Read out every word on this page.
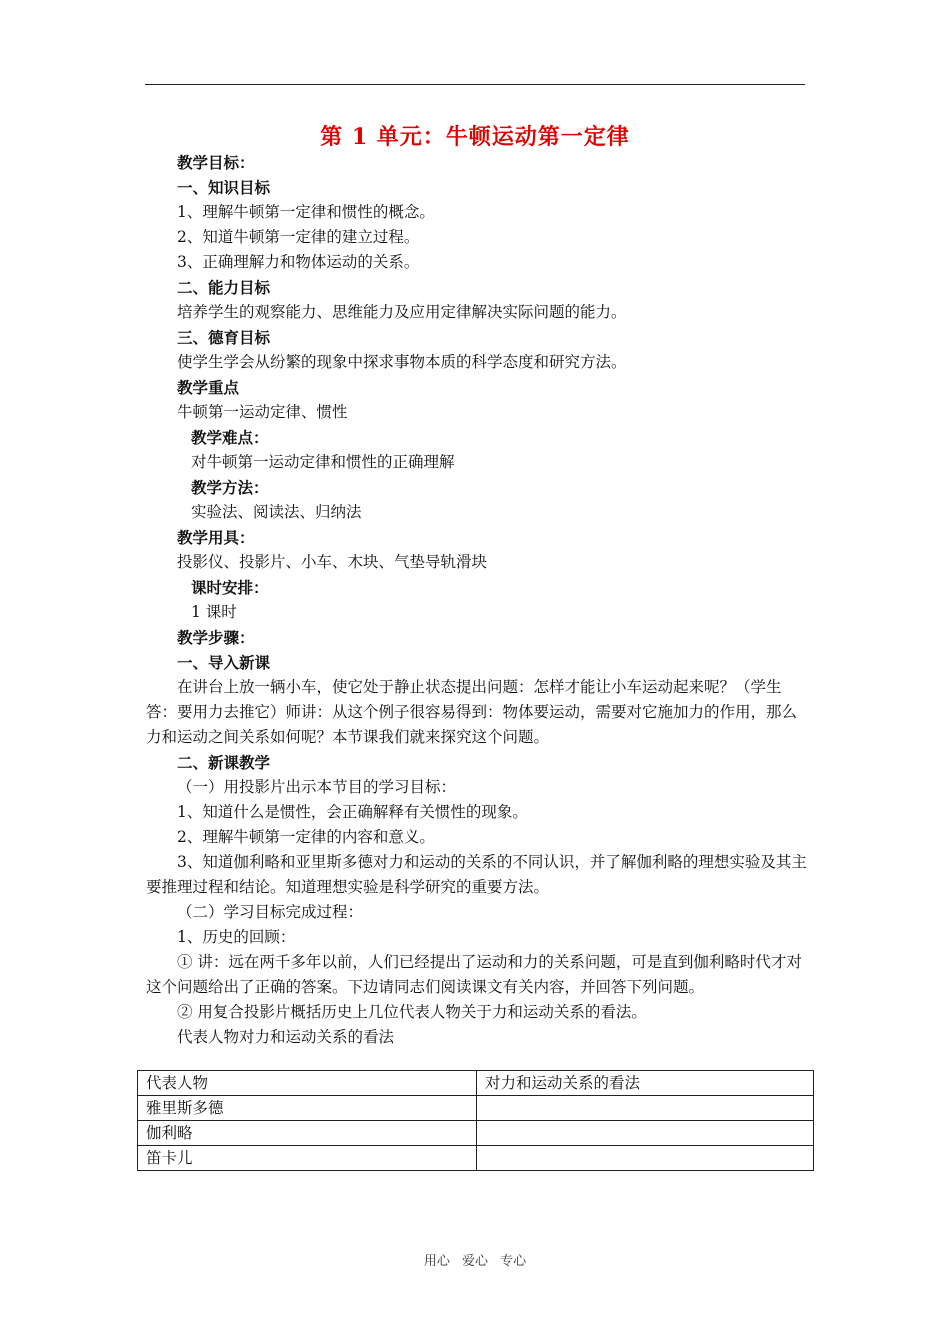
第 1 单元：牛顿运动第一定律
教学目标：
一、知识目标
1、理解牛顿第一定律和惯性的概念。
2、知道牛顿第一定律的建立过程。
3、正确理解力和物体运动的关系。
二、能力目标
培养学生的观察能力、思维能力及应用定律解决实际问题的能力。
三、德育目标
使学生学会从纷繁的现象中探求事物本质的科学态度和研究方法。
教学重点
牛顿第一运动定律、惯性
教学难点：
对牛顿第一运动定律和惯性的正确理解
教学方法：
实验法、阅读法、归纳法
教学用具：
投影仪、投影片、小车、木块、气垫导轨滑块
课时安排：
1 课时
教学步骤：
一、导入新课
在讲台上放一辆小车，使它处于静止状态提出问题：怎样才能让小车运动起来呢？（学生答：要用力去推它）师讲：从这个例子很容易得到：物体要运动，需要对它施加力的作用，那么力和运动之间关系如何呢？本节课我们就来探究这个问题。
二、新课教学
（一）用投影片出示本节目的学习目标：
1、知道什么是惯性，会正确解释有关惯性的现象。
2、理解牛顿第一定律的内容和意义。
3、知道伽利略和亚里斯多德对力和运动的关系的不同认识，并了解伽利略的理想实验及其主要推理过程和结论。知道理想实验是科学研究的重要方法。
（二）学习目标完成过程：
1、历史的回顾：
① 讲：远在两千多年以前，人们已经提出了运动和力的关系问题，可是直到伽利略时代才对这个问题给出了正确的答案。下边请同志们阅读课文有关内容，并回答下列问题。
② 用复合投影片概括历史上几位代表人物关于力和运动关系的看法。
代表人物对力和运动关系的看法
代表人物	对力和运动关系的看法
雅里斯多德	
伽利略	
笛卡儿	
用心 爱心 专心
